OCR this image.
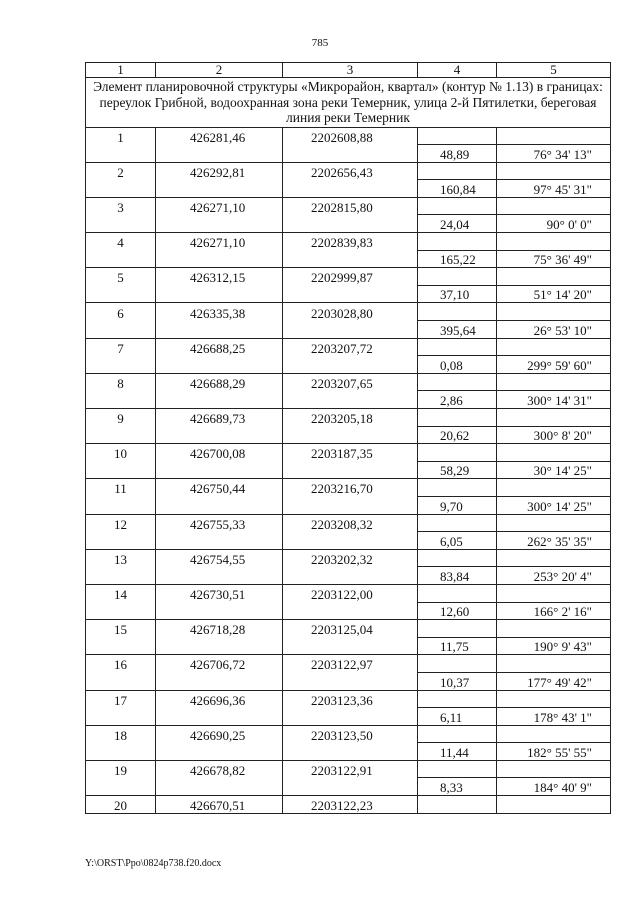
785
1	2	3	4	5
Элемент планировочной структуры «Микрорайон, квартал» (контур № 1.13) в границах: переулок Грибной, водоохранная зона реки Темерник, улица 2-й Пятилетки, береговая линия реки Темерник				
1	426281,46	2202608,88		
			48,89	76° 34' 13"
2	426292,81	2202656,43		
			160,84	97° 45' 31"
3	426271,10	2202815,80		
			24,04	90° 0' 0"
4	426271,10	2202839,83		
			165,22	75° 36' 49"
5	426312,15	2202999,87		
			37,10	51° 14' 20"
6	426335,38	2203028,80		
			395,64	26° 53' 10"
7	426688,25	2203207,72		
			0,08	299° 59' 60"
8	426688,29	2203207,65		
			2,86	300° 14' 31"
9	426689,73	2203205,18		
			20,62	300° 8' 20"
10	426700,08	2203187,35		
			58,29	30° 14' 25"
11	426750,44	2203216,70		
			9,70	300° 14' 25"
12	426755,33	2203208,32		
			6,05	262° 35' 35"
13	426754,55	2203202,32		
			83,84	253° 20' 4"
14	426730,51	2203122,00		
			12,60	166° 2' 16"
15	426718,28	2203125,04		
			11,75	190° 9' 43"
16	426706,72	2203122,97		
			10,37	177° 49' 42"
17	426696,36	2203123,36		
			6,11	178° 43' 1"
18	426690,25	2203123,50		
			11,44	182° 55' 55"
19	426678,82	2203122,91		
			8,33	184° 40' 9"
20	426670,51	2203122,23		
Y:\ORST\Ppo\0824p738.f20.docx
